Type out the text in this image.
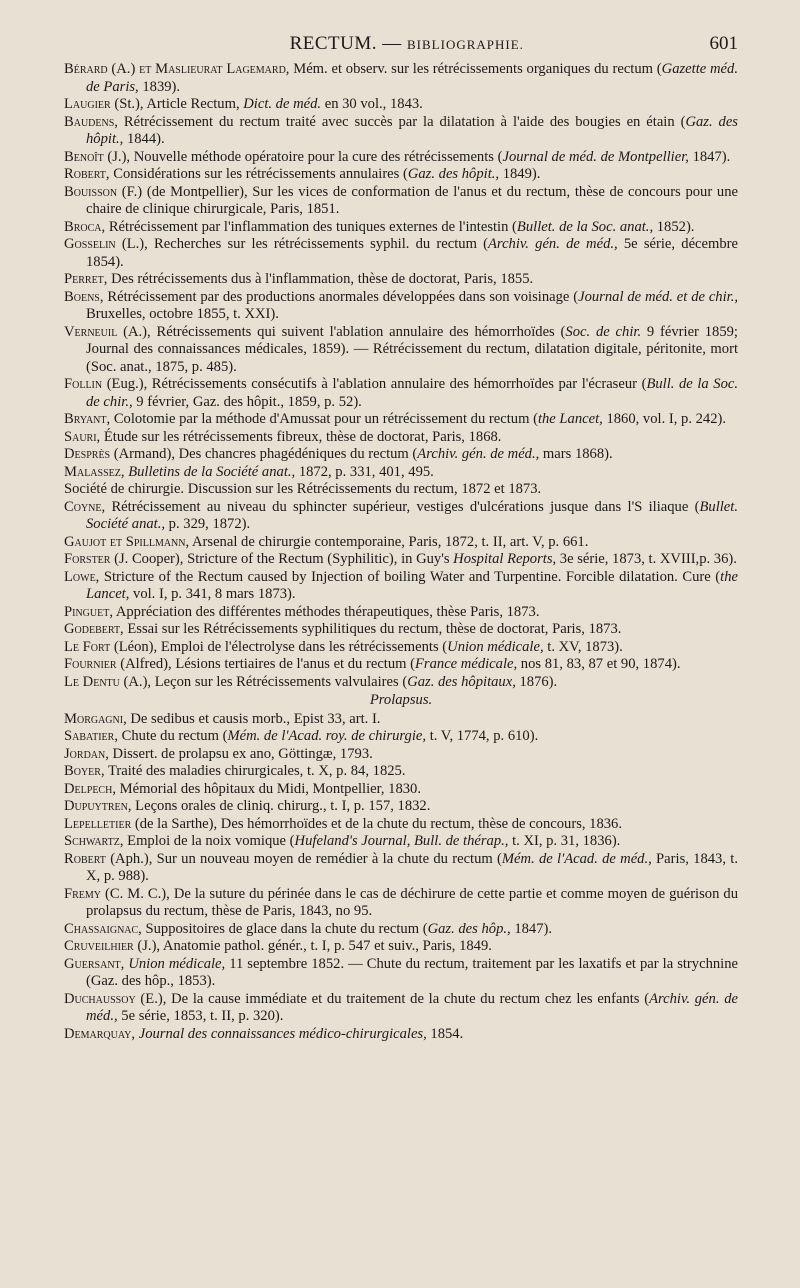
RECTUM. — BIBLIOGRAPHIE.	601

Bérard (A.) et Maslieurat Lagemard, Mém. et observ. sur les rétrécissements organiques du rectum (Gazette méd. de Paris, 1839).

Laugier (St.), Article Rectum, Dict. de méd. en 30 vol., 1843.

Baudens, Rétrécissement du rectum traité avec succès par la dilatation à l'aide des bougies en étain (Gaz. des hôpit., 1844).

Benoît (J.), Nouvelle méthode opératoire pour la cure des rétrécissements (Journal de méd. de Montpellier, 1847).

Robert, Considérations sur les rétrécissements annulaires (Gaz. des hôpit., 1849).

Bouisson (F.) (de Montpellier), Sur les vices de conformation de l'anus et du rectum, thèse de concours pour une chaire de clinique chirurgicale, Paris, 1851.

Broca, Rétrécissement par l'inflammation des tuniques externes de l'intestin (Bullet. de la Soc. anat., 1852).

Gosselin (L.), Recherches sur les rétrécissements syphil. du rectum (Archiv. gén. de méd., 5e série, décembre 1854).

Perret, Des rétrécissements dus à l'inflammation, thèse de doctorat, Paris, 1855.

Boens, Rétrécissement par des productions anormales développées dans son voisinage (Journal de méd. et de chir., Bruxelles, octobre 1855, t. XXI).

Verneuil (A.), Rétrécissements qui suivent l'ablation annulaire des hémorrhoïdes (Soc. de chir. 9 février 1859; Journal des connaissances médicales, 1859). — Rétrécissement du rectum, dilatation digitale, péritonite, mort (Soc. anat., 1875, p. 485).

Follin (Eug.), Rétrécissements consécutifs à l'ablation annulaire des hémorrhoïdes par l'écraseur (Bull. de la Soc. de chir., 9 février, Gaz. des hôpit., 1859, p. 52).

Bryant, Colotomie par la méthode d'Amussat pour un rétrécissement du rectum (the Lancet, 1860, vol. I, p. 242).

Sauri, Étude sur les rétrécissements fibreux, thèse de doctorat, Paris, 1868.

Desprès (Armand), Des chancres phagédéniques du rectum (Archiv. gén. de méd., mars 1868).

Malassez, Bulletins de la Société anat., 1872, p. 331, 401, 495.

Société de chirurgie. Discussion sur les Rétrécissements du rectum, 1872 et 1873.

Coyne, Rétrécissement au niveau du sphincter supérieur, vestiges d'ulcérations jusque dans l'S iliaque (Bullet. Société anat., p. 329, 1872).

Gaujot et Spillmann, Arsenal de chirurgie contemporaine, Paris, 1872, t. II, art. V, p. 661.

Forster (J. Cooper), Stricture of the Rectum (Syphilitic), in Guy's Hospital Reports, 3e série, 1873, t. XVIII,p. 36).

Lowe, Stricture of the Rectum caused by Injection of boiling Water and Turpentine. Forcible dilatation. Cure (the Lancet, vol. I, p. 341, 8 mars 1873).

Pinguet, Appréciation des différentes méthodes thérapeutiques, thèse Paris, 1873.

Godebert, Essai sur les Rétrécissements syphilitiques du rectum, thèse de doctorat, Paris, 1873.

Le Fort (Léon), Emploi de l'électrolyse dans les rétrécissements (Union médicale, t. XV, 1873).

Fournier (Alfred), Lésions tertiaires de l'anus et du rectum (France médicale, nos 81, 83, 87 et 90, 1874).

Le Dentu (A.), Leçon sur les Rétrécissements valvulaires (Gaz. des hôpitaux, 1876).

Prolapsus.

Morgagni, De sedibus et causis morb., Epist 33, art. I.

Sabatier, Chute du rectum (Mém. de l'Acad. roy. de chirurgie, t. V, 1774, p. 610).

Jordan, Dissert. de prolapsu ex ano, Göttingæ, 1793.

Boyer, Traité des maladies chirurgicales, t. X, p. 84, 1825.

Delpech, Mémorial des hôpitaux du Midi, Montpellier, 1830.

Dupuytren, Leçons orales de cliniq. chirurg., t. I, p. 157, 1832.

Lepelletier (de la Sarthe), Des hémorrhoïdes et de la chute du rectum, thèse de concours, 1836.

Schwartz, Emploi de la noix vomique (Hufeland's Journal, Bull. de thérap., t. XI, p. 31, 1836).

Robert (Aph.), Sur un nouveau moyen de remédier à la chute du rectum (Mém. de l'Acad. de méd., Paris, 1843, t. X, p. 988).

Fremy (C. M. C.), De la suture du périnée dans le cas de déchirure de cette partie et comme moyen de guérison du prolapsus du rectum, thèse de Paris, 1843, no 95.

Chassaignac, Suppositoires de glace dans la chute du rectum (Gaz. des hôp., 1847).

Cruveilhier (J.), Anatomie pathol. génér., t. I, p. 547 et suiv., Paris, 1849.

Guersant, Union médicale, 11 septembre 1852. — Chute du rectum, traitement par les laxatifs et par la strychnine (Gaz. des hôp., 1853).

Duchaussoy (E.), De la cause immédiate et du traitement de la chute du rectum chez les enfants (Archiv. gén. de méd., 5e série, 1853, t. II, p. 320).

Demarquay, Journal des connaissances médico-chirurgicales, 1854.
